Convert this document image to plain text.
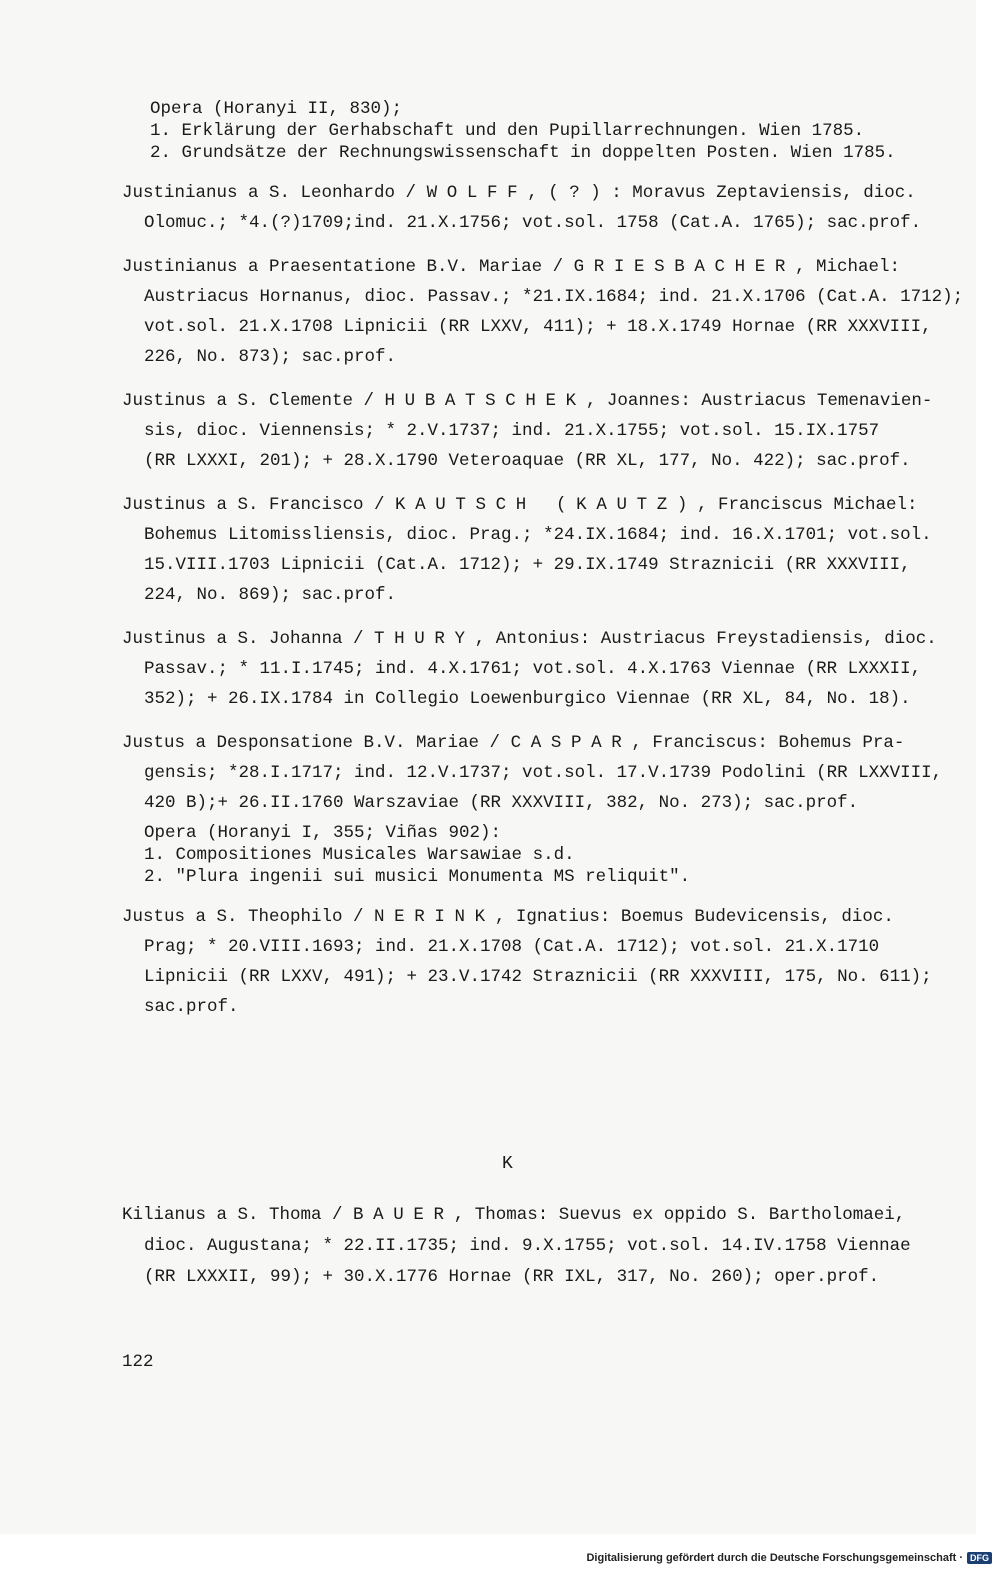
Opera (Horanyi II, 830);
1. Erklärung der Gerhabschaft und den Pupillarrechnungen. Wien 1785.
2. Grundsätze der Rechnungswissenschaft in doppelten Posten. Wien 1785.
Justinianus a S. Leonhardo / WOLFF, ( ? ) : Moravus Zeptaviensis, dioc.
Olomuc.; *4.(?)1709;ind. 21.X.1756; vot.sol. 1758 (Cat.A. 1765); sac.prof.
Justinianus a Praesentatione B.V. Mariae / GRIESBACHER, Michael:
Austriacus Hornanus, dioc. Passav.; *21.IX.1684; ind. 21.X.1706 (Cat.A. 1712);
vot.sol. 21.X.1708 Lipnicii (RR LXXV, 411); + 18.X.1749 Hornae (RR XXXVIII,
226, No. 873); sac.prof.
Justinus a S. Clemente / HUBATSCHEK, Joannes: Austriacus Temenavien-
sis, dioc. Viennensis; * 2.V.1737; ind. 21.X.1755; vot.sol. 15.IX.1757
(RR LXXXI, 201); + 28.X.1790 Veteroaquae (RR XL, 177, No. 422); sac.prof.
Justinus a S. Francisco / KAUTSCH (KAUTZ), Franciscus Michael:
Bohemus Litomissliensis, dioc. Prag.; *24.IX.1684; ind. 16.X.1701; vot.sol.
15.VIII.1703 Lipnicii (Cat.A. 1712); + 29.IX.1749 Straznicii (RR XXXVIII,
224, No. 869); sac.prof.
Justinus a S. Johanna / THURY, Antonius: Austriacus Freystadiensis, dioc.
Passav.; * 11.I.1745; ind. 4.X.1761; vot.sol. 4.X.1763 Viennae (RR LXXXII,
352); + 26.IX.1784 in Collegio Loewenburgico Viennae (RR XL, 84, No. 18).
Justus a Desponsatione B.V. Mariae / CASPAR, Franciscus: Bohemus Pra-
gensis; *28.I.1717; ind. 12.V.1737; vot.sol. 17.V.1739 Podolini (RR LXXVIII,
420 B);+ 26.II.1760 Warszaviae (RR XXXVIII, 382, No. 273); sac.prof.
Opera (Horanyi I, 355; Viñas 902):
1. Compositiones Musicales Warsawiae s.d.
2. "Plura ingenii sui musici Monumenta MS reliquit".
Justus a S. Theophilo / NERINK, Ignatius: Boemus Budevicensis, dioc.
Prag; * 20.VIII.1693; ind. 21.X.1708 (Cat.A. 1712); vot.sol. 21.X.1710
Lipnicii (RR LXXV, 491); + 23.V.1742 Straznicii (RR XXXVIII, 175, No. 611);
sac.prof.
K
Kilianus a S. Thoma / BAUER, Thomas: Suevus ex oppido S. Bartholomaei,
dioc. Augustana; * 22.II.1735; ind. 9.X.1755; vot.sol. 14.IV.1758 Viennae
(RR LXXXII, 99); + 30.X.1776 Hornae (RR IXL, 317, No. 260); oper.prof.
122
Digitalisierung gefördert durch die Deutsche Forschungsgemeinschaft · DFG
